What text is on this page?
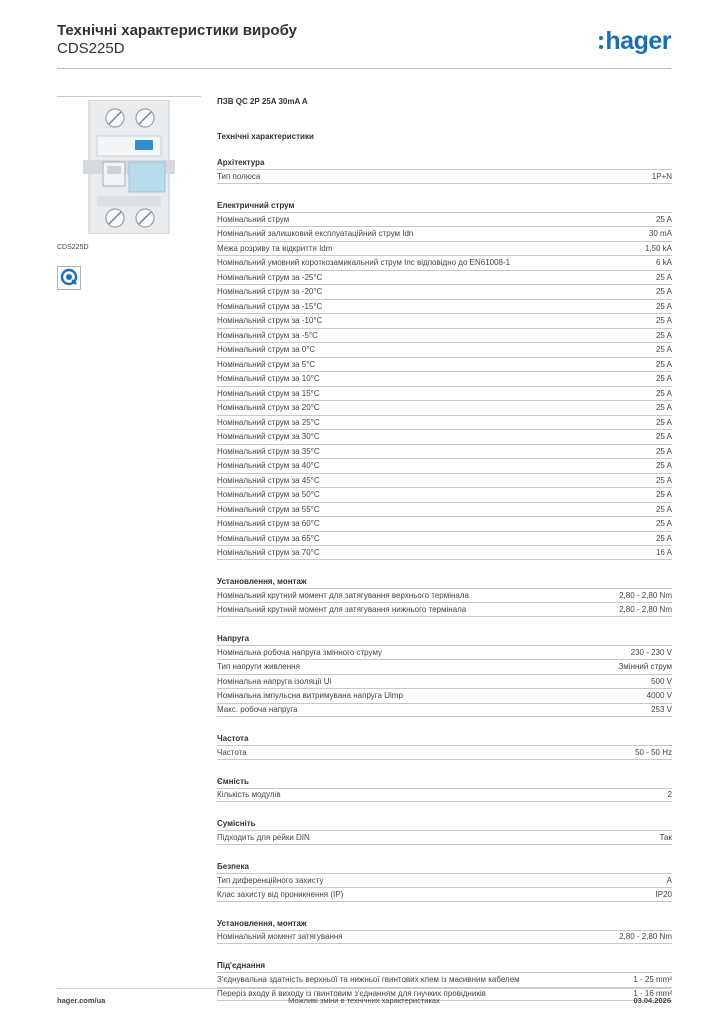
Технічні характеристики виробу
CDS225D	hager
CDS225D
ПЗВ QC 2P 25A 30mA A
Технічні характеристики
Архітектура
Тип полюса	1P+N
Електричний струм
Номінальний струм	25 A
Номінальний залишковий експлуатаційний струм Idn	30 mA
Межа розриву та відкриття Idm	1,50 kA
Номінальний умовний короткозамикальний струм Inc відповідно до EN61008-1	6 kA
Номінальний струм за -25°C	25 A
Номінальний струм за -20°C	25 A
Номінальний струм за -15°C	25 A
Номінальний струм за -10°C	25 A
Номінальний струм за -5°C	25 A
Номінальний струм за 0°C	25 A
Номінальний струм за 5°C	25 A
Номінальний струм за 10°C	25 A
Номінальний струм за 15°C	25 A
Номінальний струм за 20°C	25 A
Номінальний струм за 25°C	25 A
Номінальний струм за 30°C	25 A
Номінальний струм за 35°C	25 A
Номінальний струм за 40°C	25 A
Номінальний струм за 45°C	25 A
Номінальний струм за 50°C	25 A
Номінальний струм за 55°C	25 A
Номінальний струм за 60°C	25 A
Номінальний струм за 65°C	25 A
Номінальний струм за 70°C	16 A
Установлення, монтаж
Номінальний крутний момент для затягування верхнього термінала	2,80 - 2,80 Nm
Номінальний крутний момент для затягування нижнього термінала	2,80 - 2,80 Nm
Напруга
Номінальна робоча напруга змінного струму	230 - 230 V
Тип напруги живлення	Змінний струм
Номінальна напруга ізоляції Ui	500 V
Номінальна імпульсна витримувана напруга Uimp	4000 V
Макс. робоча напруга	253 V
Частота
Частота	50 - 50 Hz
Ємність
Кількість модулів	2
Сумісніть
Підходить для рейки DIN	Так
Безпека
Тип диференційного захисту	A
Клас захисту від проникнення (IP)	IP20
Установлення, монтаж
Номінальний момент затягування	2,80 - 2,80 Nm
Під'єднання
З'єднувальна здатність верхньої та нижньої гвинтових клем із масивним кабелем	1 - 25 mm²
Переріз входу й виходу із гвинтовим з'єднанням для гнучких провідників	1 - 16 mm²
hager.com/ua	Можливі зміни в технічних характеристиках	03.04.2026
